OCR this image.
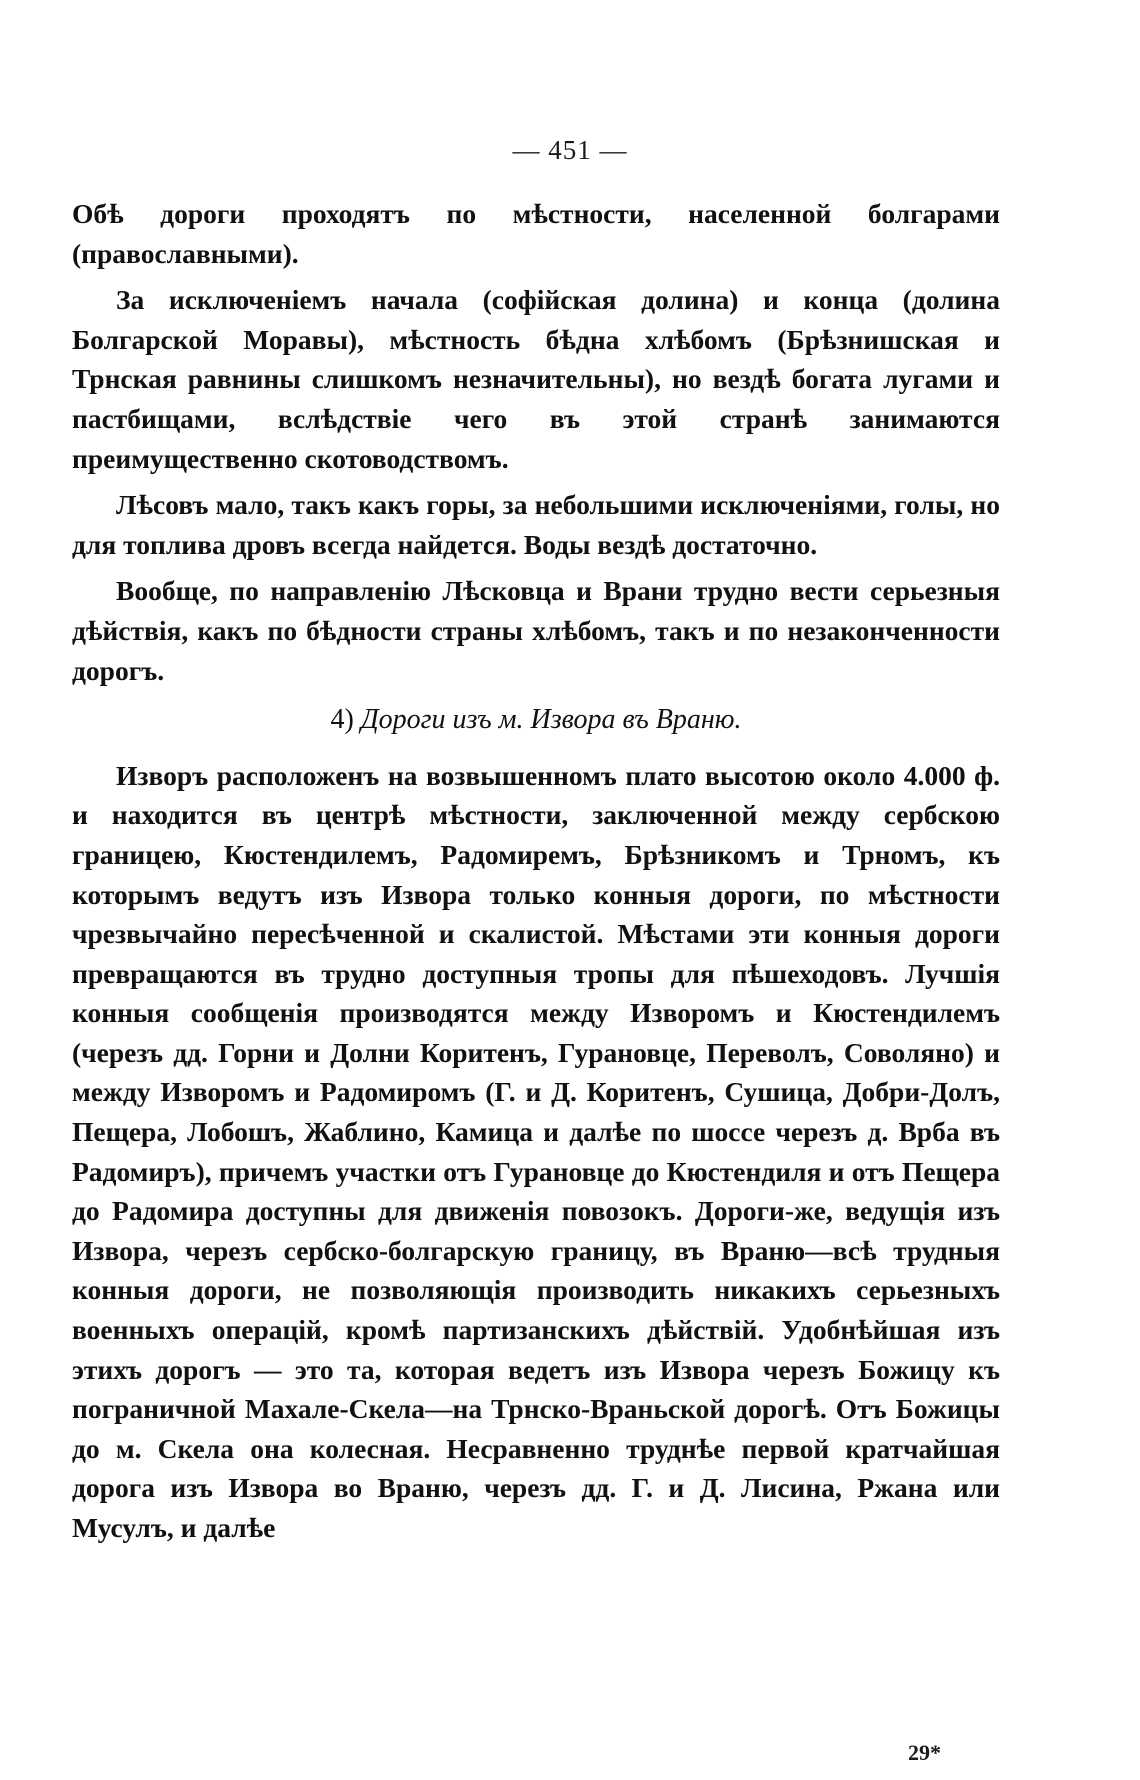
— 451 —

Обѣ дороги проходятъ по мѣстности, населенной болгарами (православными).

За исключеніемъ начала (софійская долина) и конца (долина Болгарской Моравы), мѣстность бѣдна хлѣбомъ (Брѣзнишская и Трнская равнины слишкомъ незначительны), но вездѣ богата лугами и пастбищами, вслѣдствіе чего въ этой странѣ занимаются преимущественно скотоводствомъ.

Лѣсовъ мало, такъ какъ горы, за небольшими исключеніями, голы, но для топлива дровъ всегда найдется. Воды вездѣ достаточно.

Вообще, по направленію Лѣсковца и Врани трудно вести серьезныя дѣйствія, какъ по бѣдности страны хлѣбомъ, такъ и по незаконченности дорогъ.

4) Дороги изъ м. Извора въ Враню.

Изворъ расположенъ на возвышенномъ плато высотою около 4.000 ф. и находится въ центрѣ мѣстности, заключенной между сербскою границею, Кюстендилемъ, Радомиремъ, Брѣзникомъ и Трномъ, къ которымъ ведутъ изъ Извора только конныя дороги, по мѣстности чрезвычайно пересѣченной и скалистой. Мѣстами эти конныя дороги превращаются въ трудно доступныя тропы для пѣшеходовъ. Лучшія конныя сообщенія производятся между Изворомъ и Кюстендилемъ (черезъ дд. Горни и Долни Коритенъ, Гурановце, Переволъ, Соволяно) и между Изворомъ и Радомиромъ (Г. и Д. Коритенъ, Сушица, Добри-Долъ, Пещера, Лобошъ, Жаблино, Камица и далѣе по шоссе черезъ д. Врба въ Радомиръ), причемъ участки отъ Гурановце до Кюстендиля и отъ Пещера до Радомира доступны для движенія повозокъ. Дороги-же, ведущія изъ Извора, черезъ сербско-болгарскую границу, въ Враню—всѣ трудныя конныя дороги, не позволяющія производить никакихъ серьезныхъ военныхъ операцій, кромѣ партизанскихъ дѣйствій. Удобнѣйшая изъ этихъ дорогъ — это та, которая ведетъ изъ Извора черезъ Божицу къ пограничной Махале-Скела—на Трнско-Враньской дорогѣ. Отъ Божицы до м. Скела она колесная. Несравненно труднѣе первой кратчайшая дорога изъ Извора во Враню, черезъ дд. Г. и Д. Лисина, Ржана или Мусулъ, и далѣе

29*
